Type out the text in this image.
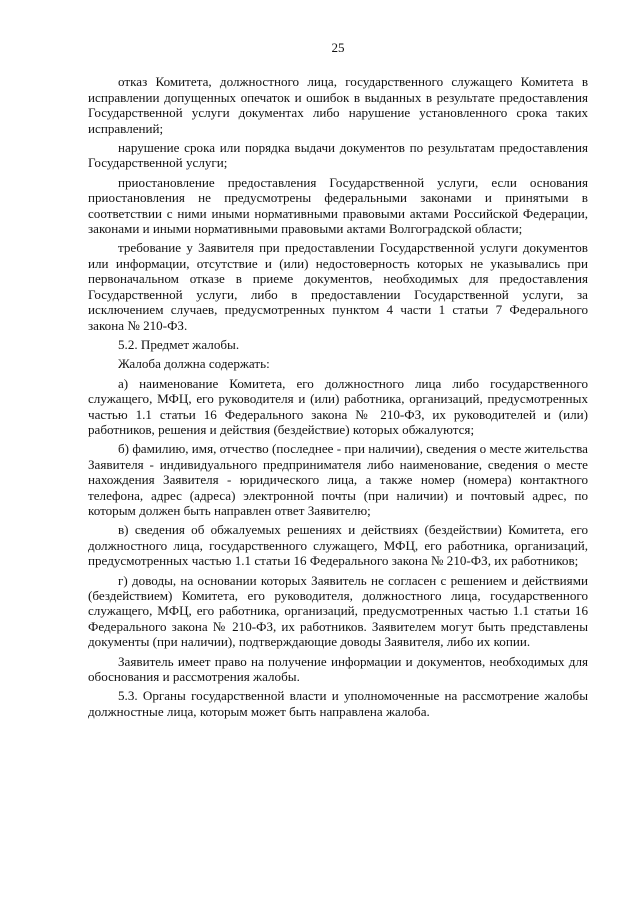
25

отказ Комитета, должностного лица, государственного служащего Комитета в исправлении допущенных опечаток и ошибок в выданных в результате предоставления Государственной услуги документах либо нарушение установленного срока таких исправлений;

нарушение срока или порядка выдачи документов по результатам предоставления Государственной услуги;

приостановление предоставления Государственной услуги, если основания приостановления не предусмотрены федеральными законами и принятыми в соответствии с ними иными нормативными правовыми актами Российской Федерации, законами и иными нормативными правовыми актами Волгоградской области;

требование у Заявителя при предоставлении Государственной услуги документов или информации, отсутствие и (или) недостоверность которых не указывались при первоначальном отказе в приеме документов, необходимых для предоставления Государственной услуги, либо в предоставлении Государственной услуги, за исключением случаев, предусмотренных пунктом 4 части 1 статьи 7 Федерального закона № 210-ФЗ.

5.2. Предмет жалобы.

Жалоба должна содержать:

а) наименование Комитета, его должностного лица либо государственного служащего, МФЦ, его руководителя и (или) работника, организаций, предусмотренных частью 1.1 статьи 16 Федерального закона № 210-ФЗ, их руководителей и (или) работников, решения и действия (бездействие) которых обжалуются;

б) фамилию, имя, отчество (последнее - при наличии), сведения о месте жительства Заявителя - индивидуального предпринимателя либо наименование, сведения о месте нахождения Заявителя - юридического лица, а также номер (номера) контактного телефона, адрес (адреса) электронной почты (при наличии) и почтовый адрес, по которым должен быть направлен ответ Заявителю;

в) сведения об обжалуемых решениях и действиях (бездействии) Комитета, его должностного лица, государственного служащего, МФЦ, его работника, организаций, предусмотренных частью 1.1 статьи 16 Федерального закона № 210-ФЗ, их работников;

г) доводы, на основании которых Заявитель не согласен с решением и действиями (бездействием) Комитета, его руководителя, должностного лица, государственного служащего, МФЦ, его работника, организаций, предусмотренных частью 1.1 статьи 16 Федерального закона № 210-ФЗ, их работников. Заявителем могут быть представлены документы (при наличии), подтверждающие доводы Заявителя, либо их копии.

Заявитель имеет право на получение информации и документов, необходимых для обоснования и рассмотрения жалобы.

5.3. Органы государственной власти и уполномоченные на рассмотрение жалобы должностные лица, которым может быть направлена жалоба.
